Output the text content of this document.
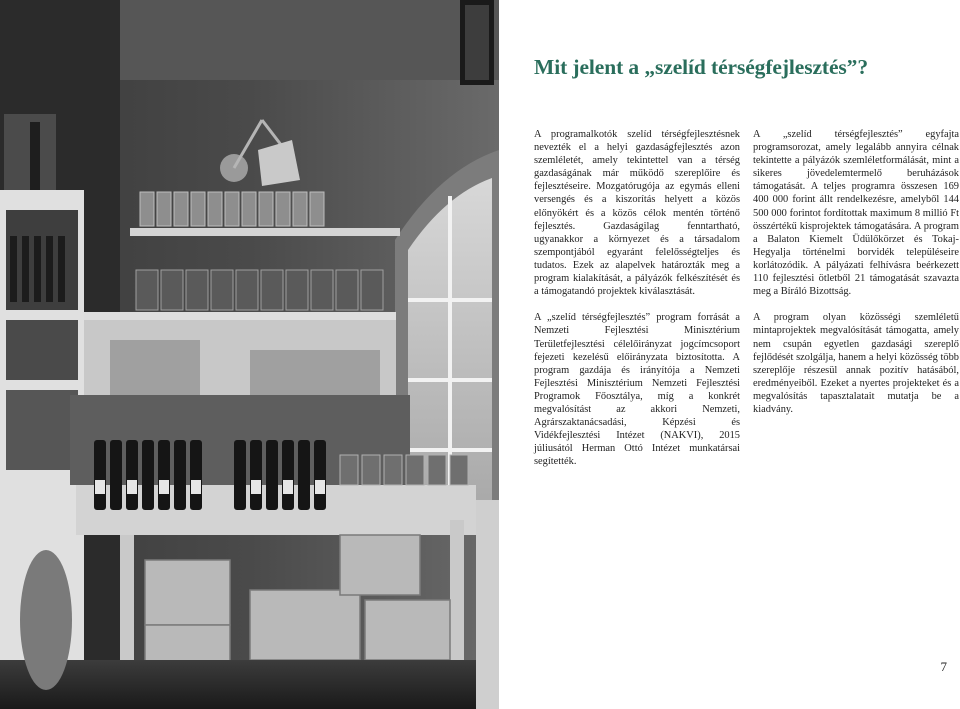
Mit jelent a „szelíd térségfejlesztés”?

A programalkotók szelíd térségfejlesztésnek nevezték el a helyi gazdaságfejlesztés azon szemléletét, amely tekintettel van a térség gazdaságának már működő szereplőire és fejlesztéseire. Mozgatórugója az egymás elleni versengés és a kiszorítás helyett a közös előnyökért és a közös célok mentén történő fejlesztés. Gazdaságilag fenntartható, ugyanakkor a környezet és a társadalom szempontjából egyaránt felelősségteljes és tudatos. Ezek az alapelvek határozták meg a program kialakítását, a pályázók felkészítését és a támogatandó projektek kiválasztását.

A „szelíd térségfejlesztés” program forrását a Nemzeti Fejlesztési Minisztérium Területfejlesztési célelőirányzat jogcímcsoport fejezeti kezelésű előirányzata biztosította. A program gazdája és irányítója a Nemzeti Fejlesztési Minisztérium Nemzeti Fejlesztési Programok Főosztálya, míg a konkrét megvalósítást az akkori Nemzeti, Agrárszaktanácsadási, Képzési és Vidékfejlesztési Intézet (NAKVI), 2015 júliusától Herman Ottó Intézet munkatársai segítették.

A „szelíd térségfejlesztés” egyfajta programsorozat, amely legalább annyira célnak tekintette a pályázók szemléletformálását, mint a sikeres jövedelemtermelő beruházások támogatását. A teljes programra összesen 169 400 000 forint állt rendelkezésre, amelyből 144 500 000 forintot fordítottak maximum 8 millió Ft összértékű kisprojektek támogatására. A program a Balaton Kiemelt Üdülőkörzet és Tokaj-Hegyalja történelmi borvidék településeire korlátozódik. A pályázati felhívásra beérkezett 110 fejlesztési ötletből 21 támogatását szavazta meg a Bíráló Bizottság.

A program olyan közösségi szemléletű mintaprojektek megvalósítását támogatta, amely nem csupán egyetlen gazdasági szereplő fejlődését szolgálja, hanem a helyi közösség több szereplője részesül annak pozitív hatásából, eredményeiből. Ezeket a nyertes projekteket és a megvalósítás tapasztalatait mutatja be a kiadvány.

7
